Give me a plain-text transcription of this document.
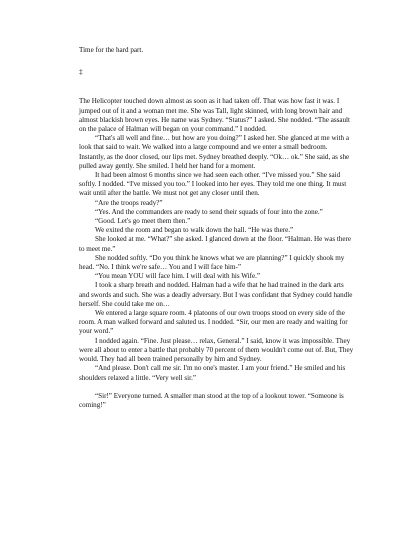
Time for the hard part.

‡

The Helicopter touched down almost as soon as it had taken off. That was how fast it was. I jumped out of it and a woman met me. She was Tall, light skinned, with long brown hair and almost blackish brown eyes. He name was Sydney. “Status?” I asked. She nodded. “The assault on the palace of Halman will began on your command.” I nodded.

“That's all well and fine… but how are you doing?” I asked her. She glanced at me with a look that said to wait. We walked into a large compound and we enter a small bedroom. Instantly, as the door closed, our lips met. Sydney breathed deeply. “Ok… ok.” She said, as she pulled away gently. She smiled. I held her hand for a moment.

It had been almost 6 months since we had seen each other. “I've missed you.” She said softly. I nodded. “I've missed you too.” I looked into her eyes. They told me one thing. It must wait until after the battle. We must not get any closer until then.

“Are the troops ready?”

“Yes. And the commanders are ready to send their squads of four into the zone.”

“Good. Let's go meet them then.”

We exited the room and began to walk down the hall. “He was there.”

She looked at me. “What?” she asked. I glanced down at the floor. “Halman. He was there to meet me.”

She nodded softly. “Do you think he knows what we are planning?” I quickly shook my head. “No. I think we're safe… You and I will face him-”

“You mean YOU will face him. I will deal with his Wife.”

I took a sharp breath and nodded. Halman had a wife that he had trained in the dark arts and swords and such. She was a deadly adversary. But I was confidant that Sydney could handle herself. She could take me on…

We entered a large square room. 4 platoons of our own troops stood on every side of the room. A man walked forward and saluted us. I nodded. “Sir, our men are ready and waiting for your word.”

I nodded again. “Fine. Just please… relax, General.” I said, know it was impossible. They were all about to enter a battle that probably 70 percent of them wouldn't come out of. But, They would. They had all been trained personally by him and Sydney.

“And please. Don't call me sir. I'm no one's master. I am your friend.” He smiled and his shoulders relaxed a little. “Very well sir.”

“Sir!” Everyone turned. A smaller man stood at the top of a lookout tower. “Someone is coming!”
